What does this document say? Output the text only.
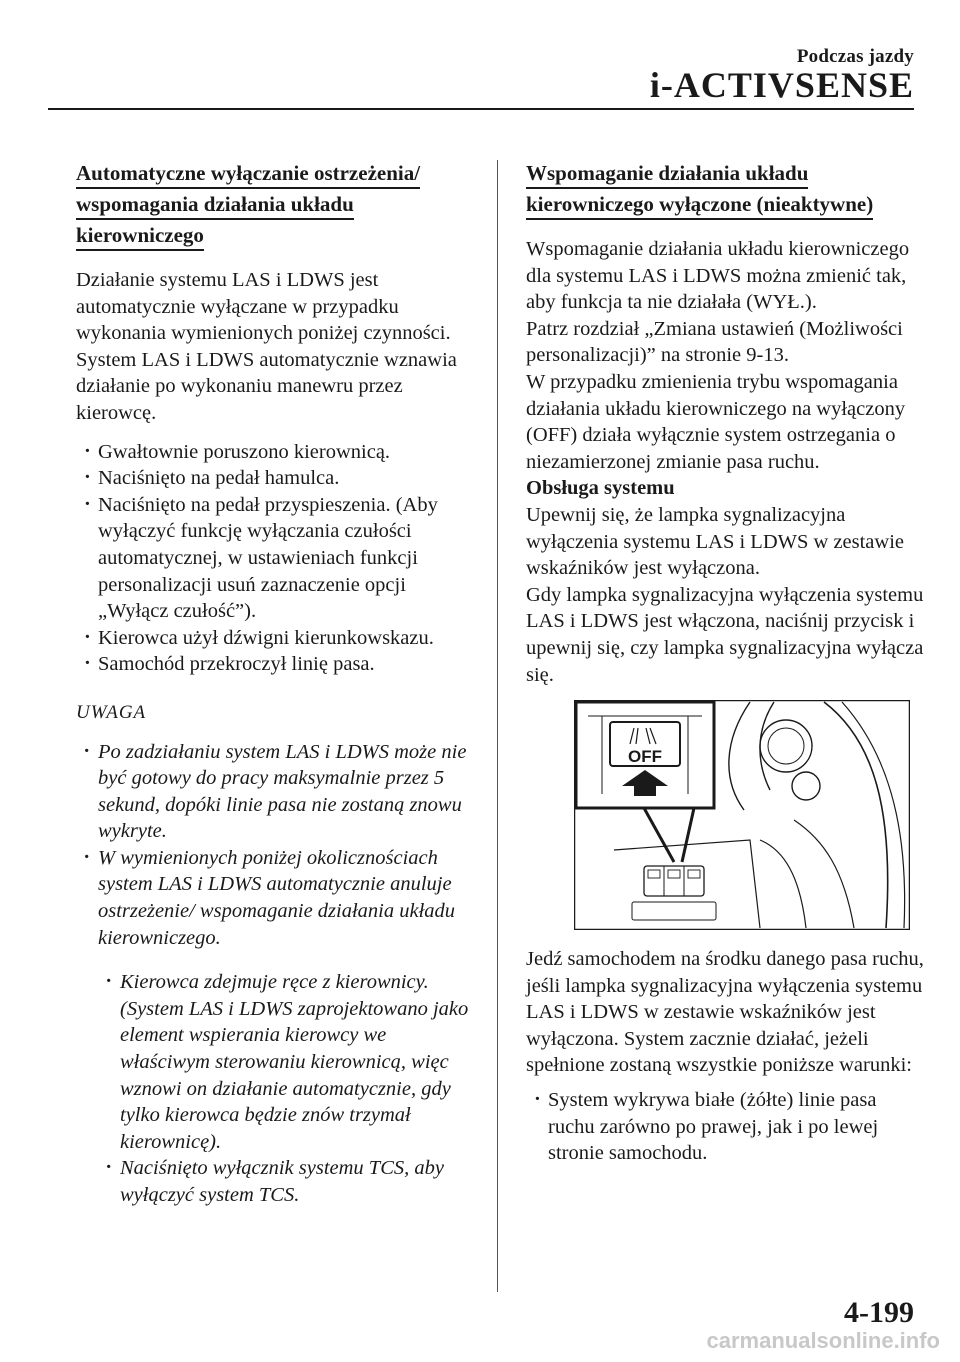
Podczas jazdy
i-ACTIVSENSE
Automatyczne wyłączanie ostrzeżenia/
wspomagania działania układu
kierowniczego

Działanie systemu LAS i LDWS jest automatycznie wyłączane w przypadku wykonania wymienionych poniżej czynności. System LAS i LDWS automatycznie wznawia działanie po wykonaniu manewru przez kierowcę.

· Gwałtownie poruszono kierownicą.
· Naciśnięto na pedał hamulca.
· Naciśnięto na pedał przyspieszenia. (Aby wyłączyć funkcję wyłączania czułości automatycznej, w ustawieniach funkcji personalizacji usuń zaznaczenie opcji „Wyłącz czułość”).
· Kierowca użył dźwigni kierunkowskazu.
· Samochód przekroczył linię pasa.
UWAGA
· Po zadziałaniu system LAS i LDWS może nie być gotowy do pracy maksymalnie przez 5 sekund, dopóki linie pasa nie zostaną znowu wykryte.
· W wymienionych poniżej okolicznościach system LAS i LDWS automatycznie anuluje ostrzeżenie/ wspomaganie działania układu kierowniczego.
· Kierowca zdejmuje ręce z kierownicy. (System LAS i LDWS zaprojektowano jako element wspierania kierowcy we właściwym sterowaniu kierownicą, więc wznowi on działanie automatycznie, gdy tylko kierowca będzie znów trzymał kierownicę).
· Naciśnięto wyłącznik systemu TCS, aby wyłączyć system TCS.
Wspomaganie działania układu
kierowniczego wyłączone (nieaktywne)

Wspomaganie działania układu kierowniczego dla systemu LAS i LDWS można zmienić tak, aby funkcja ta nie działała (WYŁ.).

Patrz rozdział „Zmiana ustawień (Możliwości personalizacji)” na stronie 9-13.

W przypadku zmienienia trybu wspomagania działania układu kierowniczego na wyłączony (OFF) działa wyłącznie system ostrzegania o niezamierzonej zmianie pasa ruchu.

Obsługa systemu

Upewnij się, że lampka sygnalizacyjna wyłączenia systemu LAS i LDWS w zestawie wskaźników jest wyłączona.

Gdy lampka sygnalizacyjna wyłączenia systemu LAS i LDWS jest włączona, naciśnij przycisk i upewnij się, czy lampka sygnalizacyjna wyłącza się.

OFF

Jedź samochodem na środku danego pasa ruchu, jeśli lampka sygnalizacyjna wyłączenia systemu LAS i LDWS w zestawie wskaźników jest wyłączona. System zacznie działać, jeżeli spełnione zostaną wszystkie poniższe warunki:

· System wykrywa białe (żółte) linie pasa ruchu zarówno po prawej, jak i po lewej stronie samochodu.
4-199
carmanualsonline.info
